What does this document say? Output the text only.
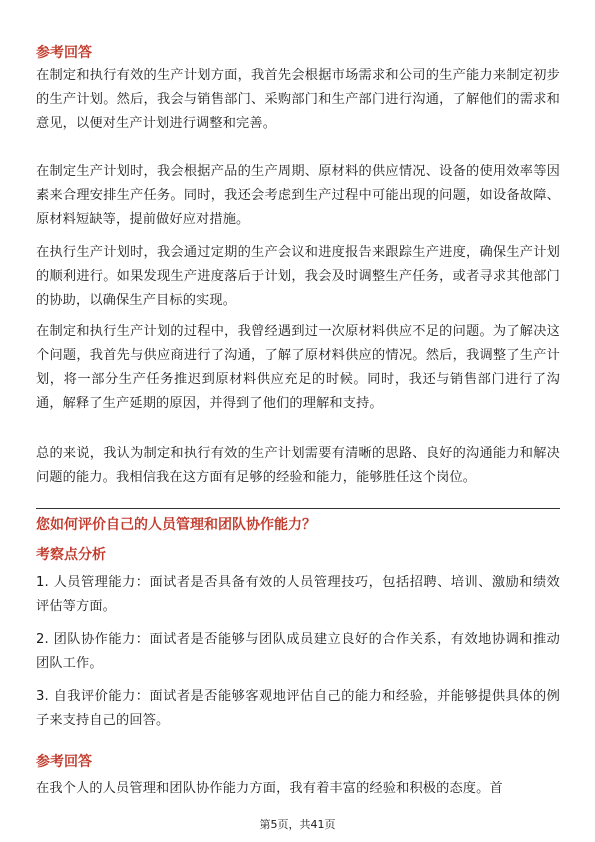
参考回答

在制定和执行有效的生产计划方面，我首先会根据市场需求和公司的生产能力来制定初步的生产计划。然后，我会与销售部门、采购部门和生产部门进行沟通，了解他们的需求和意见，以便对生产计划进行调整和完善。

在制定生产计划时，我会根据产品的生产周期、原材料的供应情况、设备的使用效率等因素来合理安排生产任务。同时，我还会考虑到生产过程中可能出现的问题，如设备故障、原材料短缺等，提前做好应对措施。

在执行生产计划时，我会通过定期的生产会议和进度报告来跟踪生产进度，确保生产计划的顺利进行。如果发现生产进度落后于计划，我会及时调整生产任务，或者寻求其他部门的协助，以确保生产目标的实现。

在制定和执行生产计划的过程中，我曾经遇到过一次原材料供应不足的问题。为了解决这个问题，我首先与供应商进行了沟通，了解了原材料供应的情况。然后，我调整了生产计划，将一部分生产任务推迟到原材料供应充足的时候。同时，我还与销售部门进行了沟通，解释了生产延期的原因，并得到了他们的理解和支持。

总的来说，我认为制定和执行有效的生产计划需要有清晰的思路、良好的沟通能力和解决问题的能力。我相信我在这方面有足够的经验和能力，能够胜任这个岗位。

您如何评价自己的人员管理和团队协作能力？

考察点分析

1. 人员管理能力：面试者是否具备有效的人员管理技巧，包括招聘、培训、激励和绩效评估等方面。

2. 团队协作能力：面试者是否能够与团队成员建立良好的合作关系，有效地协调和推动团队工作。

3. 自我评价能力：面试者是否能够客观地评估自己的能力和经验，并能够提供具体的例子来支持自己的回答。

参考回答

在我个人的人员管理和团队协作能力方面，我有着丰富的经验和积极的态度。首

第5页，共41页
